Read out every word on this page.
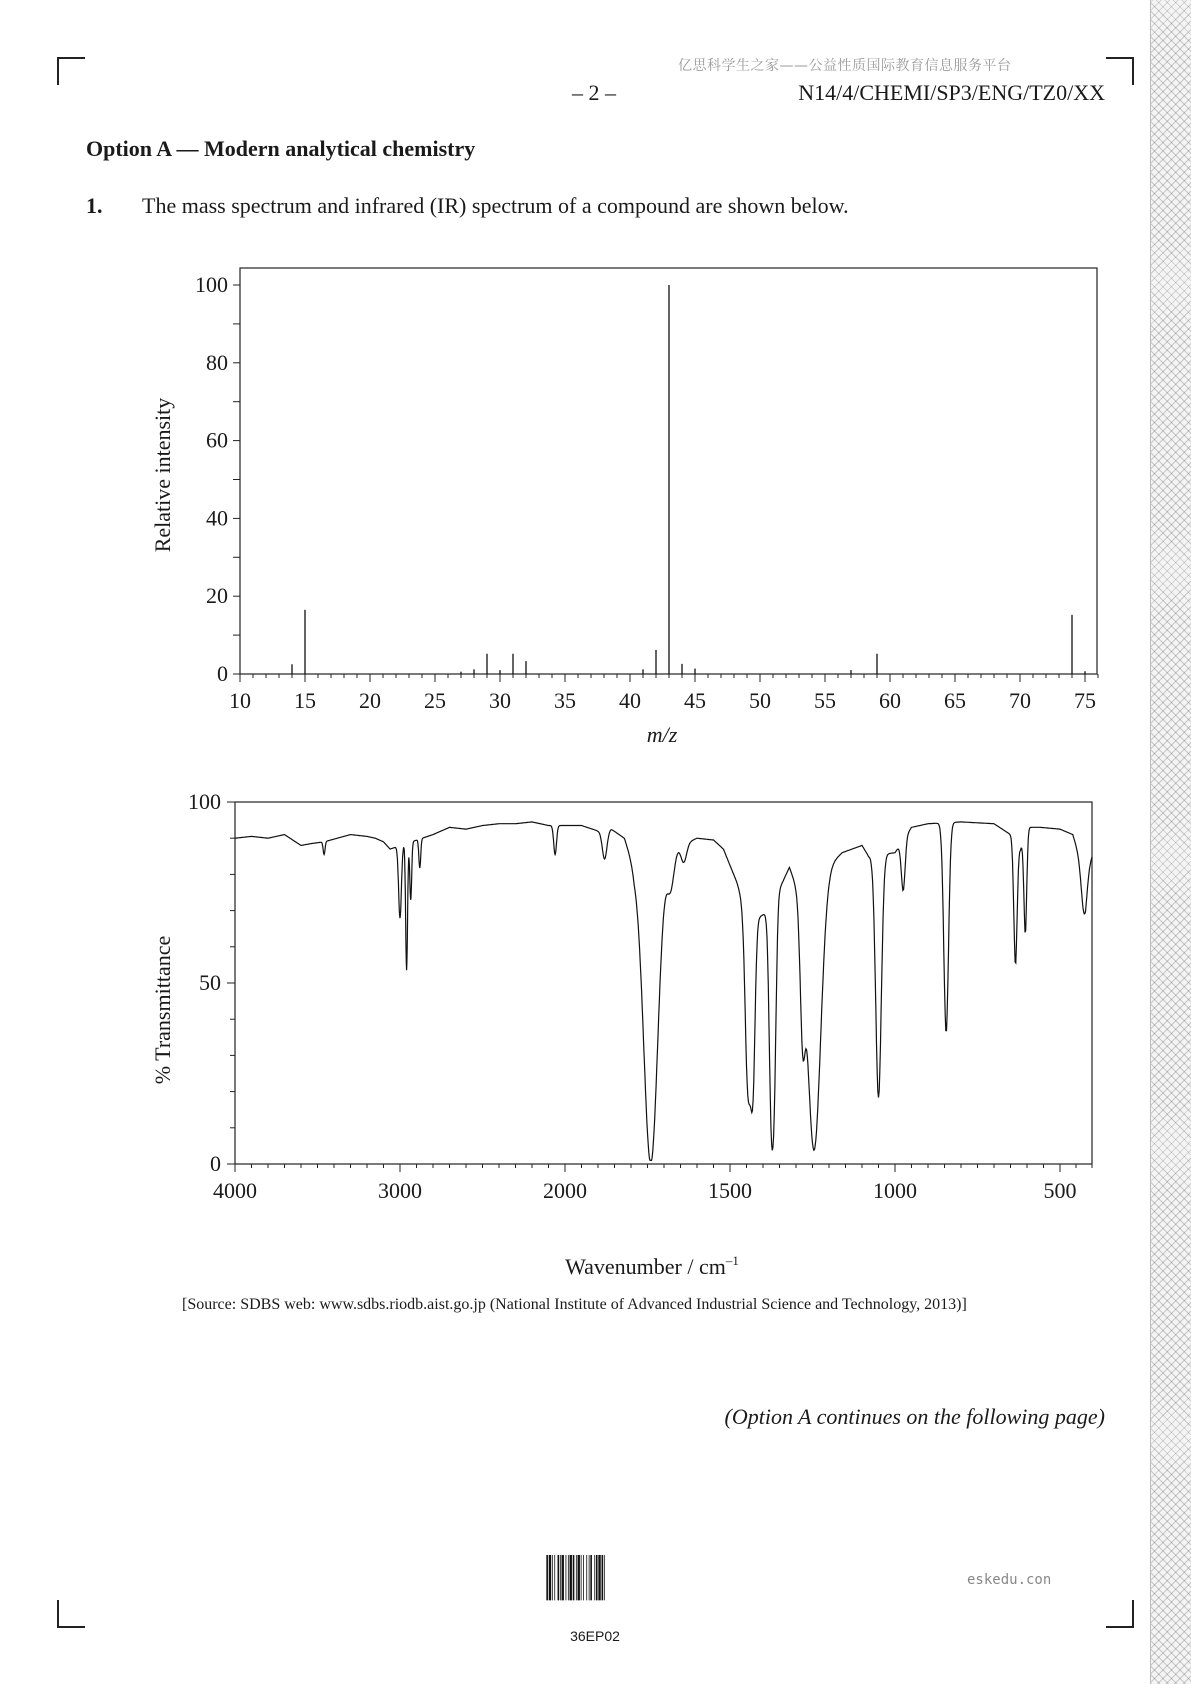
亿思科学生之家——公益性质国际教育信息服务平台
– 2 –	N14/4/CHEMI/SP3/ENG/TZ0/XX
Option A — Modern analytical chemistry
1. The mass spectrum and infrared (IR) spectrum of a compound are shown below.
0
20
40
60
80
100
10 15 20 25 30 35 40 45 50 55 60 65 70 75
Relative intensity
m/z
0
50
100
4000	3000	2000	1500	1000	500
% Transmittance
Wavenumber / $cm^{-1}$
[Source: SDBS web: www.sdbs.riodb.aist.go.jp (National Institute of Advanced Industrial Science and Technology, 2013)]
(Option A continues on the following page)
36EP02
eskedu.con
